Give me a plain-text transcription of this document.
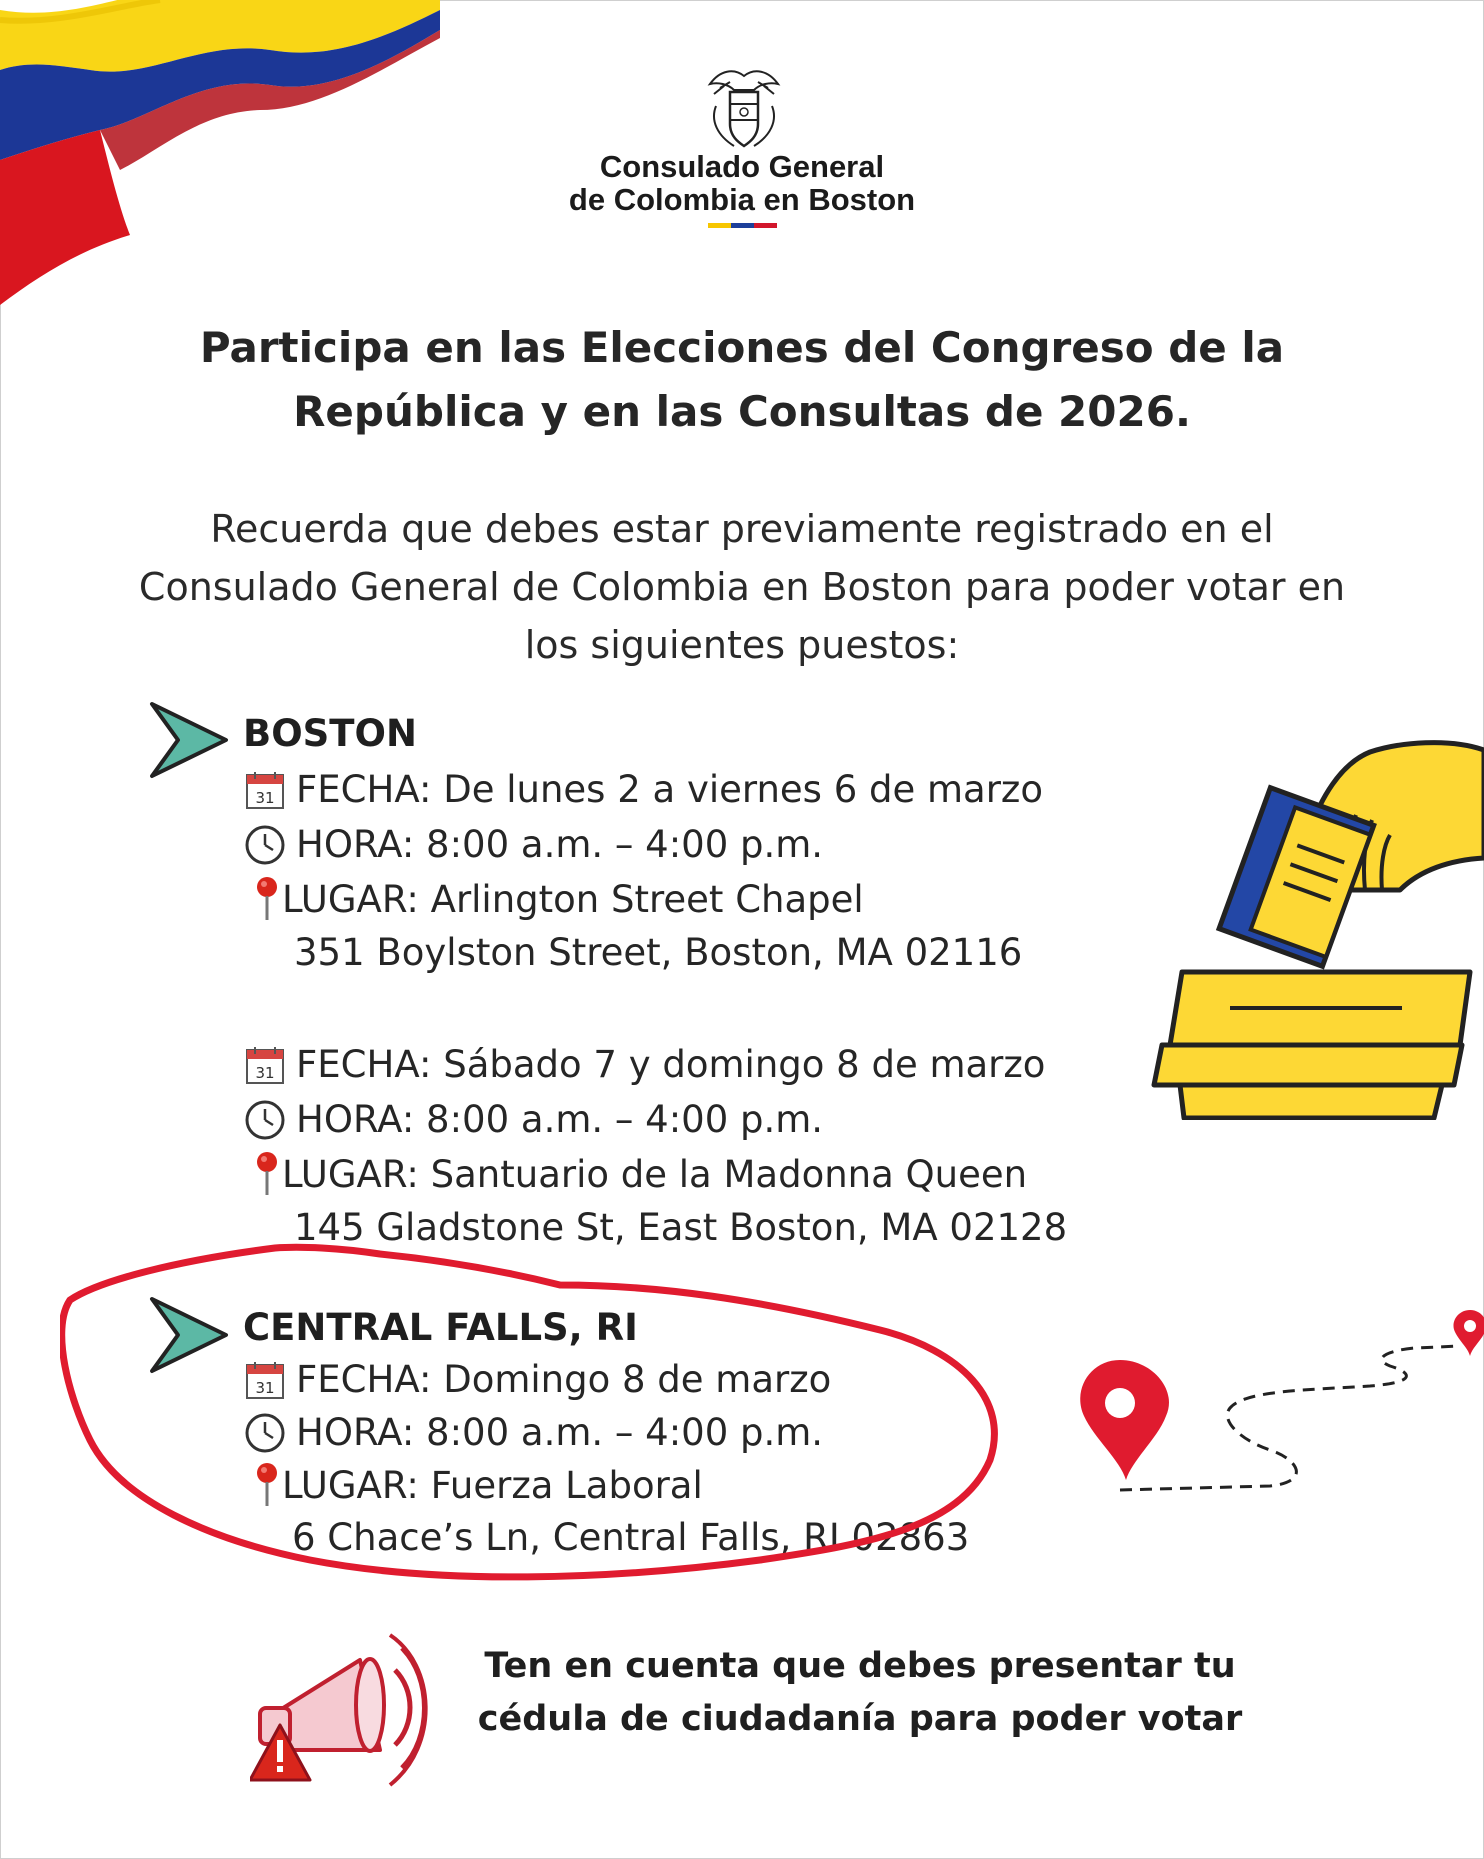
Consulado General
de Colombia en Boston
Participa en las Elecciones del Congreso de la
República y en las Consultas de 2026.
Recuerda que debes estar previamente registrado en el
Consulado General de Colombia en Boston para poder votar en
los siguientes puestos:
BOSTON
31 FECHA: De lunes 2 a viernes 6 de marzo
HORA: 8:00 a.m. – 4:00 p.m.
LUGAR: Arlington Street Chapel
351 Boylston Street, Boston, MA 02116
31 FECHA: Sábado 7 y domingo 8 de marzo
HORA: 8:00 a.m. – 4:00 p.m.
LUGAR: Santuario de la Madonna Queen
145 Gladstone St, East Boston, MA 02128
CENTRAL FALLS, RI
31 FECHA: Domingo 8 de marzo
HORA: 8:00 a.m. – 4:00 p.m.
LUGAR: Fuerza Laboral
6 Chace’s Ln, Central Falls, RI 02863
Ten en cuenta que debes presentar tu
cédula de ciudadanía para poder votar
